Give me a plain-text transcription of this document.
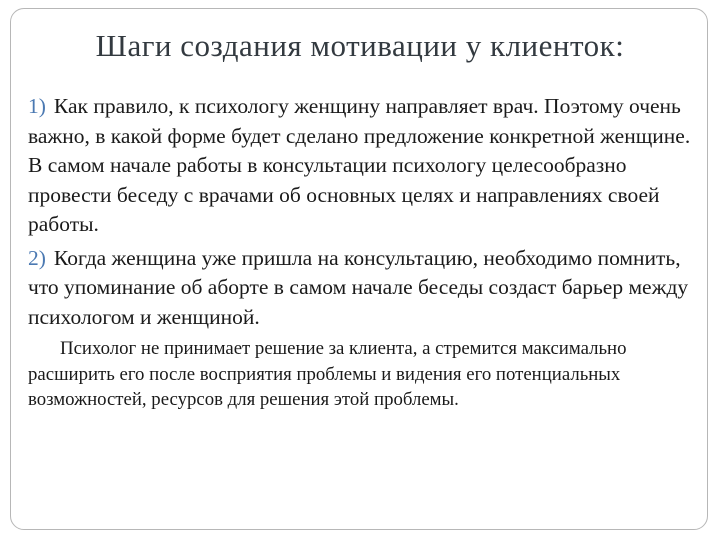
Шаги создания мотивации у клиенток:

1) Как правило, к психологу женщину направляет врач. Поэтому очень важно, в какой форме будет сделано предложение конкретной женщине. В самом начале работы в консультации психологу целесообразно провести беседу с врачами об основных целях и направлениях своей работы.

2) Когда женщина уже пришла на консультацию, необходимо помнить, что упоминание об аборте в самом начале беседы создаст барьер между психологом и женщиной.

Психолог не принимает решение за клиента, а стремится максимально расширить его после восприятия проблемы и видения его потенциальных возможностей, ресурсов для решения этой проблемы.
